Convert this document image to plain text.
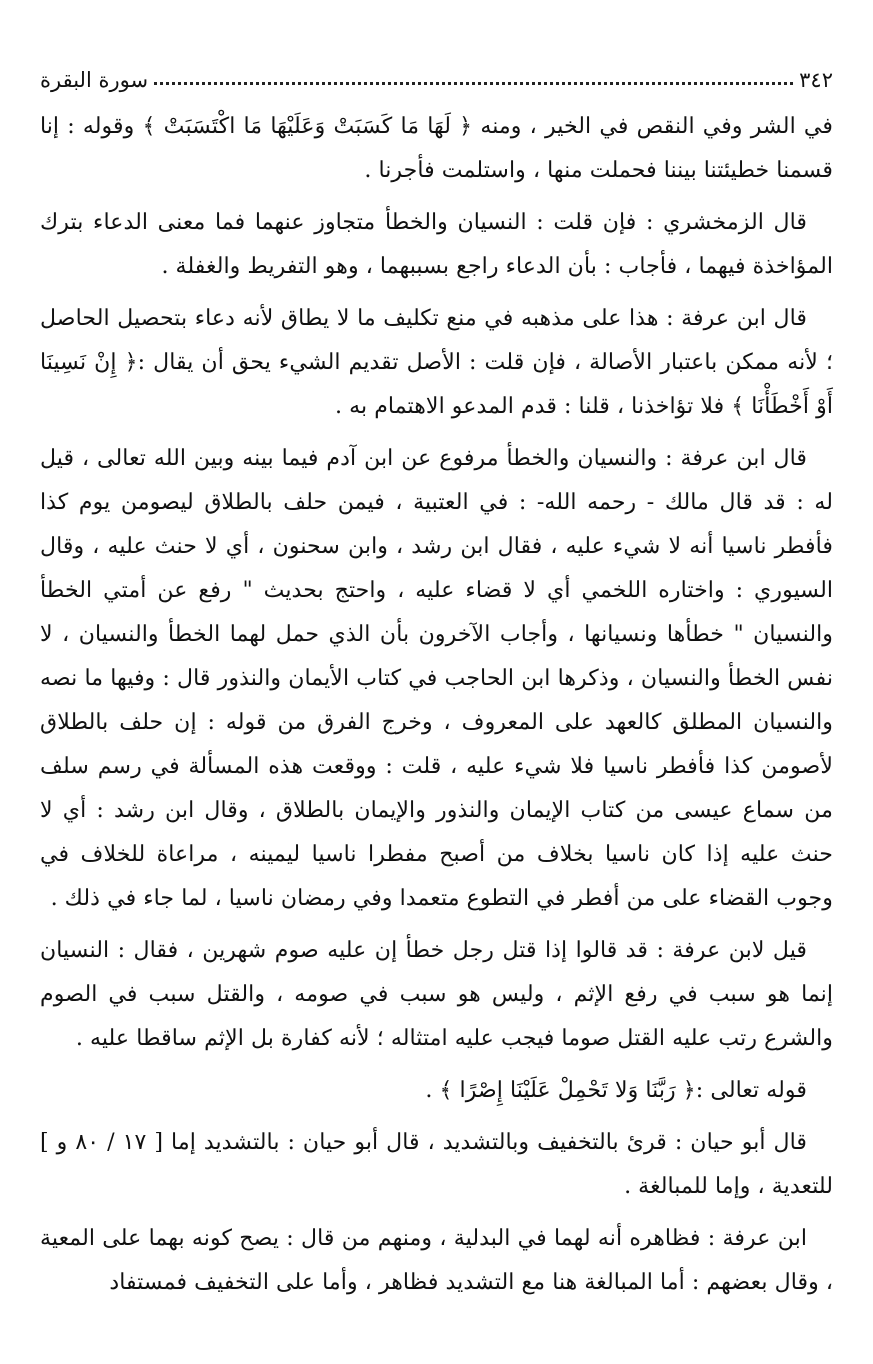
٣٤٢
سورة البقرة

في الشر وفي النقص في الخير ، ومنه ﴿ لَهَا مَا كَسَبَتْ وَعَلَيْهَا مَا اكْتَسَبَتْ ﴾ وقوله : إنا قسمنا خطيئتنا بيننا فحملت منها ، واستلمت فأجرنا .

قال الزمخشري : فإن قلت : النسيان والخطأ متجاوز عنهما فما معنى الدعاء بترك المؤاخذة فيهما ، فأجاب : بأن الدعاء راجع بسببهما ، وهو التفريط والغفلة .

قال ابن عرفة : هذا على مذهبه في منع تكليف ما لا يطاق لأنه دعاء بتحصيل الحاصل ؛ لأنه ممكن باعتبار الأصالة ، فإن قلت : الأصل تقديم الشيء يحق أن يقال :﴿ إِنْ نَسِينَا أَوْ أَخْطَأْنَا ﴾ فلا تؤاخذنا ، قلنا : قدم المدعو الاهتمام به .

قال ابن عرفة : والنسيان والخطأ مرفوع عن ابن آدم فيما بينه وبين الله تعالى ، قيل له : قد قال مالك - رحمه الله- : في العتبية ، فيمن حلف بالطلاق ليصومن يوم كذا فأفطر ناسيا أنه لا شيء عليه ، فقال ابن رشد ، وابن سحنون ، أي لا حنث عليه ، وقال السيوري : واختاره اللخمي أي لا قضاء عليه ، واحتج بحديث " رفع عن أمتي الخطأ والنسيان " خطأها ونسيانها ، وأجاب الآخرون بأن الذي حمل لهما الخطأ والنسيان ، لا نفس الخطأ والنسيان ، وذكرها ابن الحاجب في كتاب الأيمان والنذور قال : وفيها ما نصه والنسيان المطلق كالعهد على المعروف ، وخرج الفرق من قوله : إن حلف بالطلاق لأصومن كذا فأفطر ناسيا فلا شيء عليه ، قلت : ووقعت هذه المسألة في رسم سلف من سماع عيسى من كتاب الإيمان والنذور والإيمان بالطلاق ، وقال ابن رشد : أي لا حنث عليه إذا كان ناسيا بخلاف من أصبح مفطرا ناسيا ليمينه ، مراعاة للخلاف في وجوب القضاء على من أفطر في التطوع متعمدا وفي رمضان ناسيا ، لما جاء في ذلك .

قيل لابن عرفة : قد قالوا إذا قتل رجل خطأ إن عليه صوم شهرين ، فقال : النسيان إنما هو سبب في رفع الإثم ، وليس هو سبب في صومه ، والقتل سبب في الصوم والشرع رتب عليه القتل صوما فيجب عليه امتثاله ؛ لأنه كفارة بل الإثم ساقطا عليه .

قوله تعالى :﴿ رَبَّنَا وَلا تَحْمِلْ عَلَيْنَا إِصْرًا ﴾ .

قال أبو حيان : قرئ بالتخفيف وبالتشديد ، قال أبو حيان : بالتشديد إما [ ١٧ / ٨٠ و ] للتعدية ، وإما للمبالغة .

ابن عرفة : فظاهره أنه لهما في البدلية ، ومنهم من قال : يصح كونه بهما على المعية ، وقال بعضهم : أما المبالغة هنا مع التشديد فظاهر ، وأما على التخفيف فمستفاد
